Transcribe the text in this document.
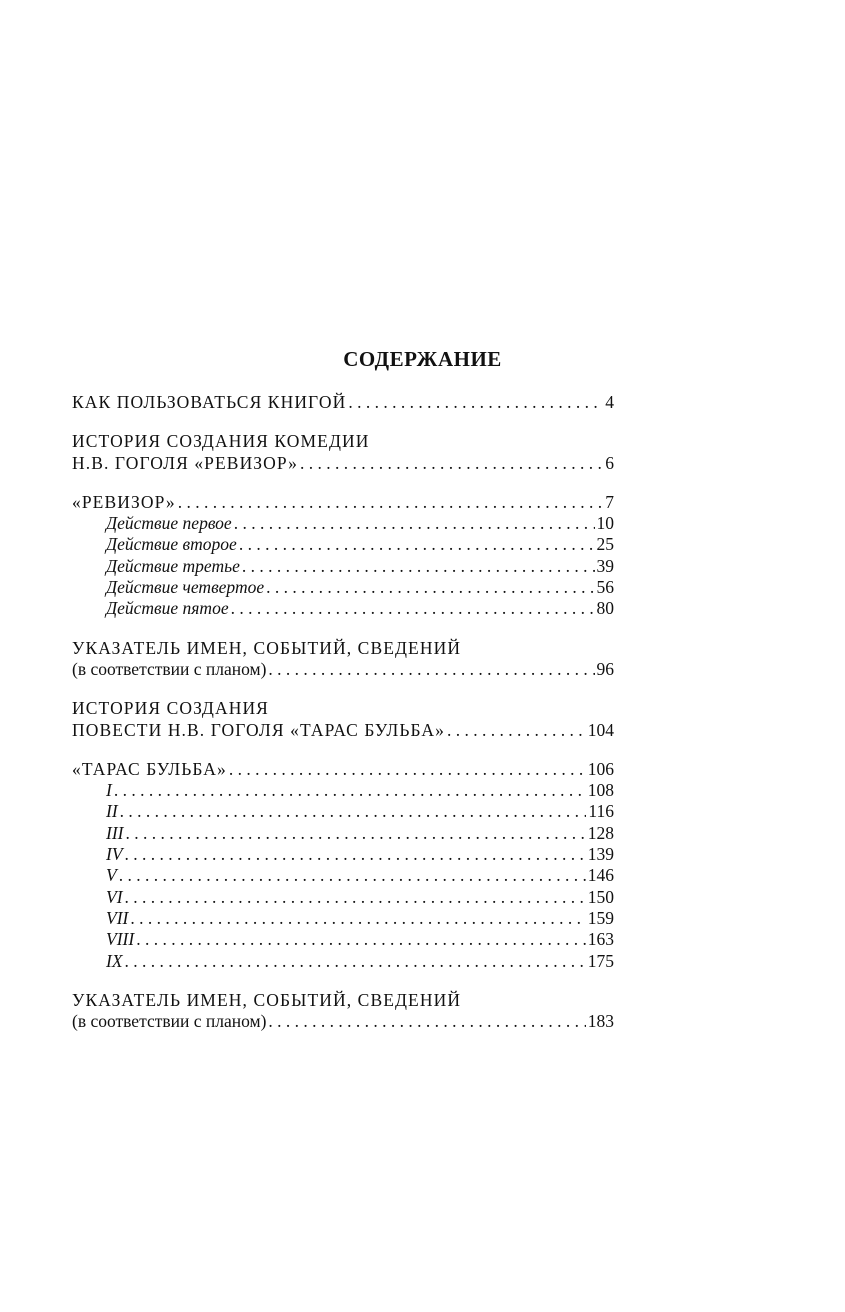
СОДЕРЖАНИЕ
КАК ПОЛЬЗОВАТЬСЯ КНИГОЙ . . .	4
ИСТОРИЯ СОЗДАНИЯ КОМЕДИИ
Н.В. ГОГОЛЯ «РЕВИЗОР» . . .	6
«РЕВИЗОР» . . .	7
Действие первое . . .	10
Действие второе . . .	25
Действие третье . . .	39
Действие четвертое . . .	56
Действие пятое . . .	80
УКАЗАТЕЛЬ ИМЕН, СОБЫТИЙ, СВЕДЕНИЙ
(в соответствии с планом) . . .	96
ИСТОРИЯ СОЗДАНИЯ
ПОВЕСТИ Н.В. ГОГОЛЯ «ТАРАС БУЛЬБА» . . .	104
«ТАРАС БУЛЬБА» . . .	106
I . . .	108
II . . .	116
III . . .	128
IV . . .	139
V . . .	146
VI . . .	150
VII . . .	159
VIII . . .	163
IX . . .	175
УКАЗАТЕЛЬ ИМЕН, СОБЫТИЙ, СВЕДЕНИЙ
(в соответствии с планом) . . .	183
